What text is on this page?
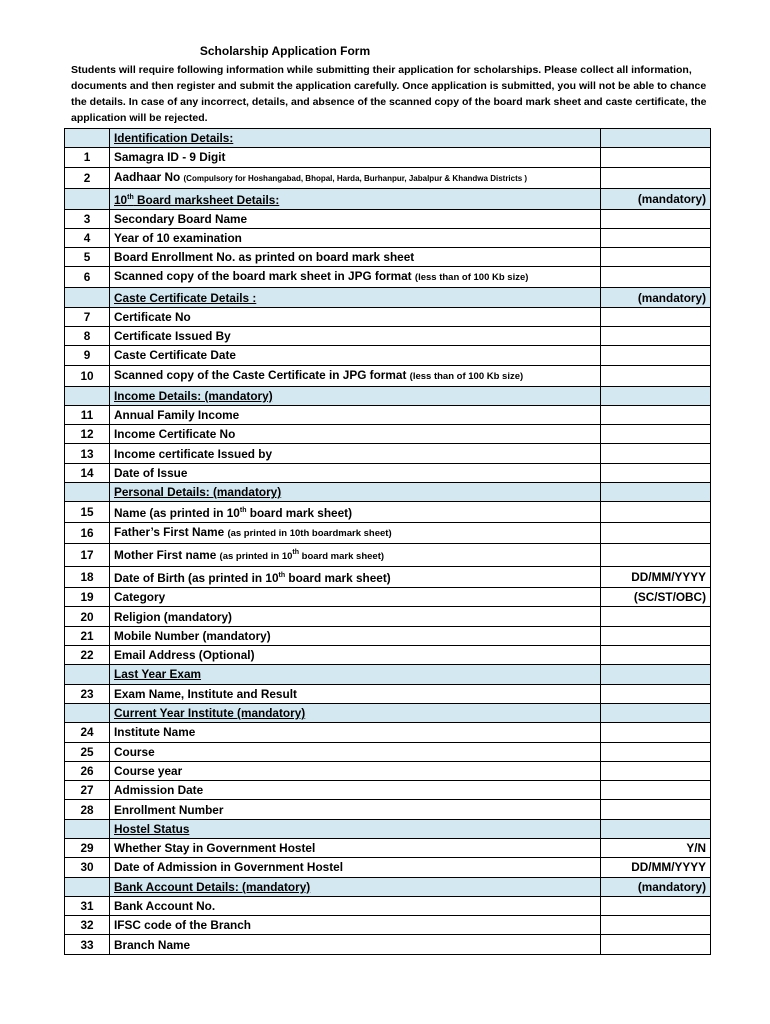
Scholarship Application Form
Students will require following information while submitting their application for scholarships. Please collect all information, documents and then register and submit the application carefully. Once application is submitted, you will not be able to chance the details. In case of any incorrect, details, and absence of the scanned copy of the board mark sheet and caste certificate, the application will be rejected.
	Identification Details:	
1	Samagra ID - 9 Digit	
2	Aadhaar No (Compulsory for Hoshangabad, Bhopal, Harda, Burhanpur, Jabalpur & Khandwa Districts )	
	10th Board marksheet Details:	(mandatory)
3	Secondary Board Name	
4	Year of 10 examination	
5	Board Enrollment No. as printed on board mark sheet	
6	Scanned copy of the board mark sheet in JPG format (less than of 100 Kb size)	
	Caste Certificate Details :	(mandatory)
7	Certificate No	
8	Certificate Issued By	
9	Caste Certificate Date	
10	Scanned copy of the Caste Certificate in JPG format (less than of 100 Kb size)	
	Income Details: (mandatory)	
11	Annual Family Income	
12	Income Certificate No	
13	Income certificate Issued by	
14	Date of Issue	
	Personal Details: (mandatory)	
15	Name (as printed in 10th board mark sheet)	
16	Father’s First Name (as printed in 10th boardmark sheet)	
17	Mother First name (as printed in 10th board mark sheet)	
18	Date of Birth (as printed in 10th board mark sheet)	DD/MM/YYYY
19	Category	(SC/ST/OBC)
20	Religion (mandatory)	
21	Mobile Number (mandatory)	
22	Email Address (Optional)	
	Last Year Exam	
23	Exam Name, Institute and Result	
	Current Year Institute (mandatory)	
24	Institute Name	
25	Course	
26	Course year	
27	Admission Date	
28	Enrollment Number	
	Hostel Status	
29	Whether Stay in Government Hostel	Y/N
30	Date of Admission in Government Hostel	DD/MM/YYYY
	Bank Account Details: (mandatory)	(mandatory)
31	Bank Account No.	
32	IFSC code of the Branch	
33	Branch Name	
